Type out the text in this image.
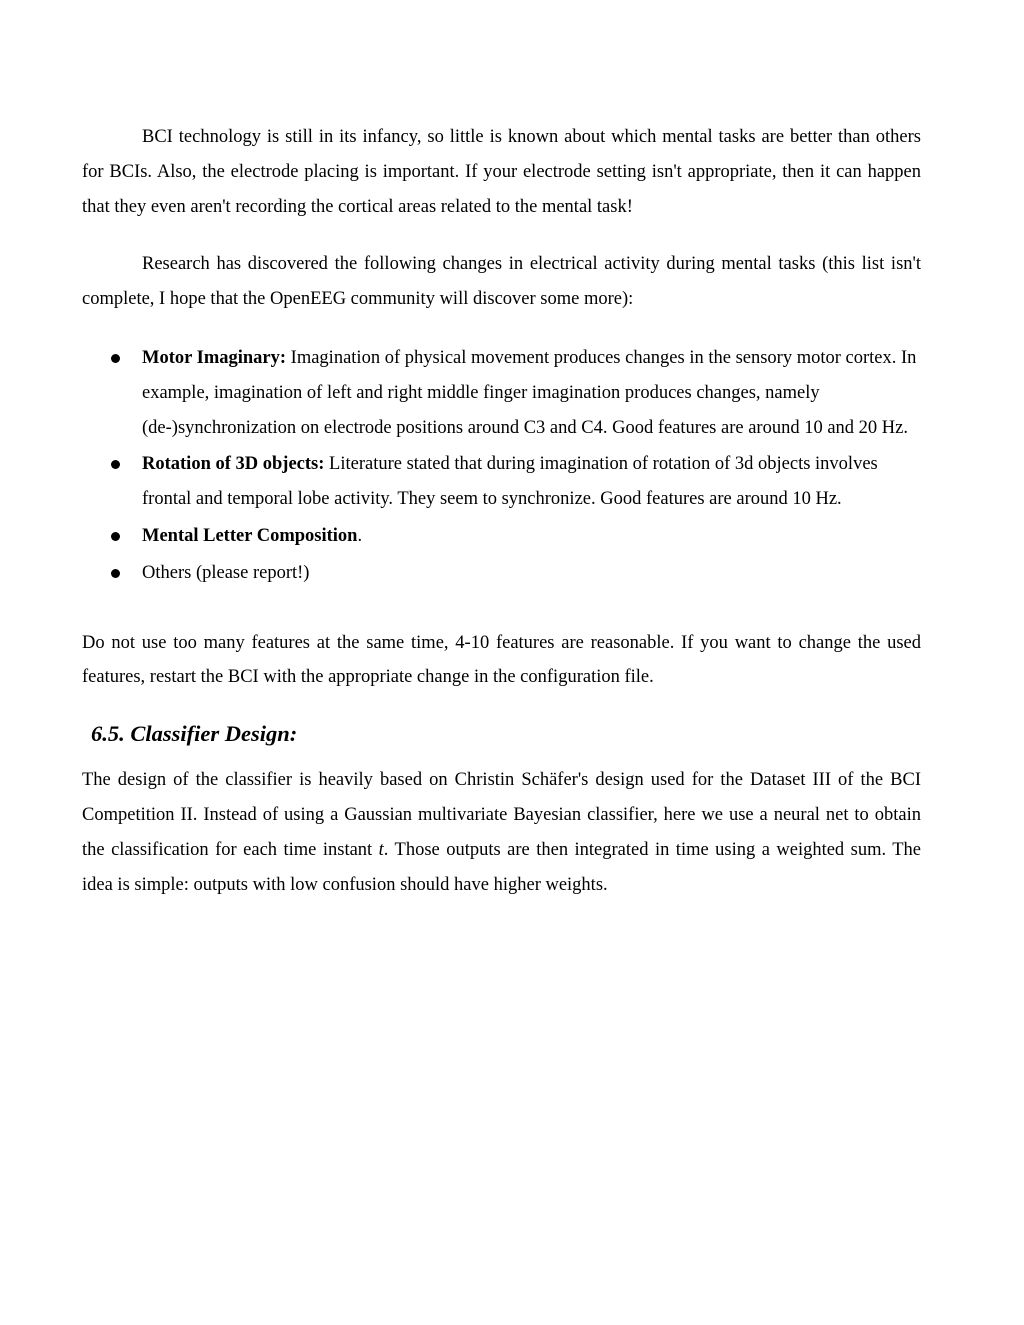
BCI technology is still in its infancy, so little is known about which mental tasks are better than others for BCIs. Also, the electrode placing is important. If your electrode setting isn't appropriate, then it can happen that they even aren't recording the cortical areas related to the mental task!

Research has discovered the following changes in electrical activity during mental tasks (this list isn't complete, I hope that the OpenEEG community will discover some more):

Motor Imaginary: Imagination of physical movement produces changes in the sensory motor cortex. In example, imagination of left and right middle finger imagination produces changes, namely (de-)synchronization on electrode positions around C3 and C4. Good features are around 10 and 20 Hz.
Rotation of 3D objects: Literature stated that during imagination of rotation of 3d objects involves frontal and temporal lobe activity. They seem to synchronize. Good features are around 10 Hz.
Mental Letter Composition.
Others (please report!)

Do not use too many features at the same time, 4-10 features are reasonable. If you want to change the used features, restart the BCI with the appropriate change in the configuration file.

6.5. Classifier Design:

The design of the classifier is heavily based on Christin Schäfer's design used for the Dataset III of the BCI Competition II. Instead of using a Gaussian multivariate Bayesian classifier, here we use a neural net to obtain the classification for each time instant t. Those outputs are then integrated in time using a weighted sum. The idea is simple: outputs with low confusion should have higher weights.
